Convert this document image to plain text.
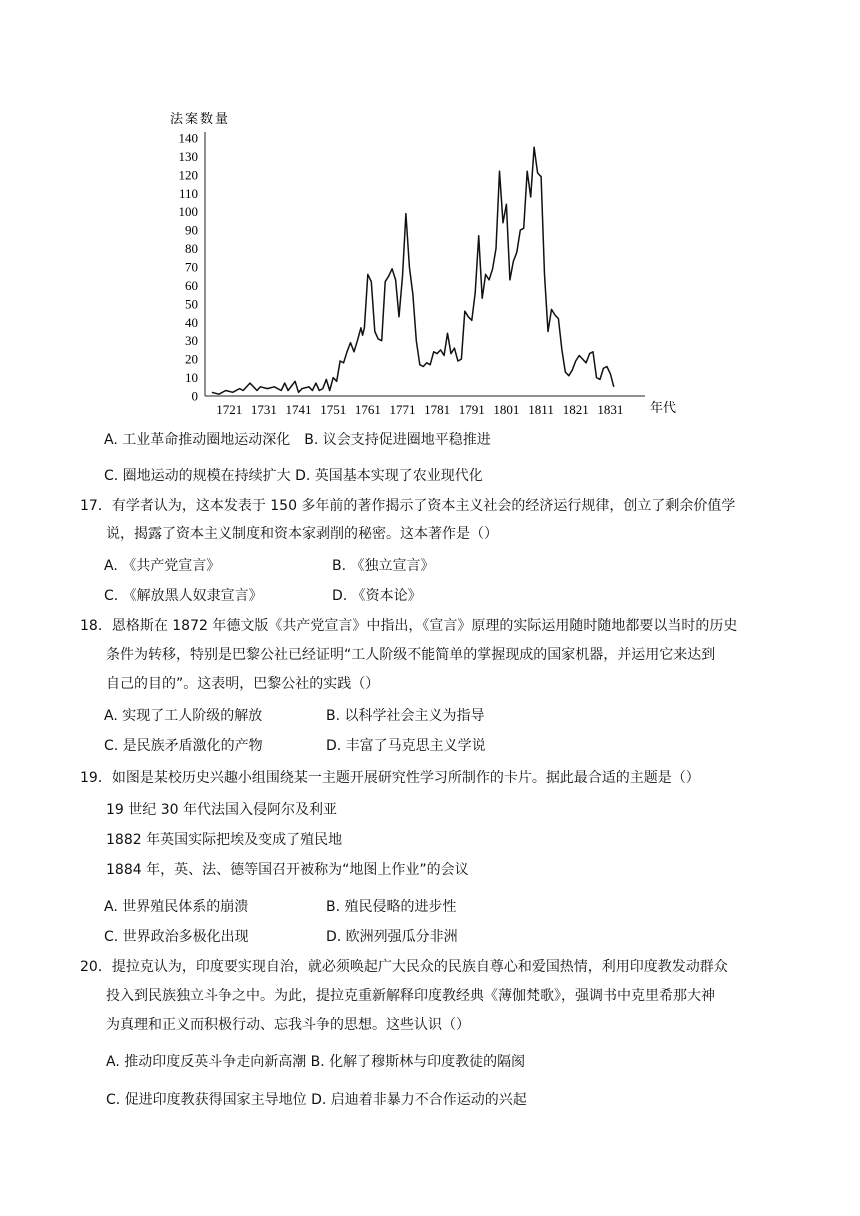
法案数量
0
10
20
30
40
50
60
70
80
90
100
110
120
130
140
1721 1731 1741 1751 1761 1771 1781 1791 1801 1811 1821 1831 年代
A. 工业革命推动圈地运动深化　B. 议会支持促进圈地平稳推进
C. 圈地运动的规模在持续扩大 D. 英国基本实现了农业现代化
17．有学者认为，这本发表于 150 多年前的著作揭示了资本主义社会的经济运行规律，创立了剩余价值学
说，揭露了资本主义制度和资本家剥削的秘密。这本著作是（）
A. 《共产党宣言》	B. 《独立宣言》
C. 《解放黑人奴隶宣言》	D. 《资本论》
18．恩格斯在 1872 年德文版《共产党宣言》中指出，《宣言》原理的实际运用随时随地都要以当时的历史
条件为转移，特别是巴黎公社已经证明“工人阶级不能简单的掌握现成的国家机器，并运用它来达到
自己的目的”。这表明，巴黎公社的实践（）
A. 实现了工人阶级的解放	B. 以科学社会主义为指导
C. 是民族矛盾激化的产物	D. 丰富了马克思主义学说
19．如图是某校历史兴趣小组围绕某一主题开展研究性学习所制作的卡片。据此最合适的主题是（）
19 世纪 30 年代法国入侵阿尔及利亚
1882 年英国实际把埃及变成了殖民地
1884 年，英、法、德等国召开被称为“地图上作业”的会议
A. 世界殖民体系的崩溃	B. 殖民侵略的进步性
C. 世界政治多极化出现	D. 欧洲列强瓜分非洲
20．提拉克认为，印度要实现自治，就必须唤起广大民众的民族自尊心和爱国热情，利用印度教发动群众
投入到民族独立斗争之中。为此，提拉克重新解释印度教经典《薄伽梵歌》，强调书中克里希那大神
为真理和正义而积极行动、忘我斗争的思想。这些认识（）
A. 推动印度反英斗争走向新高潮 B. 化解了穆斯林与印度教徒的隔阂
C. 促进印度教获得国家主导地位 D. 启迪着非暴力不合作运动的兴起
